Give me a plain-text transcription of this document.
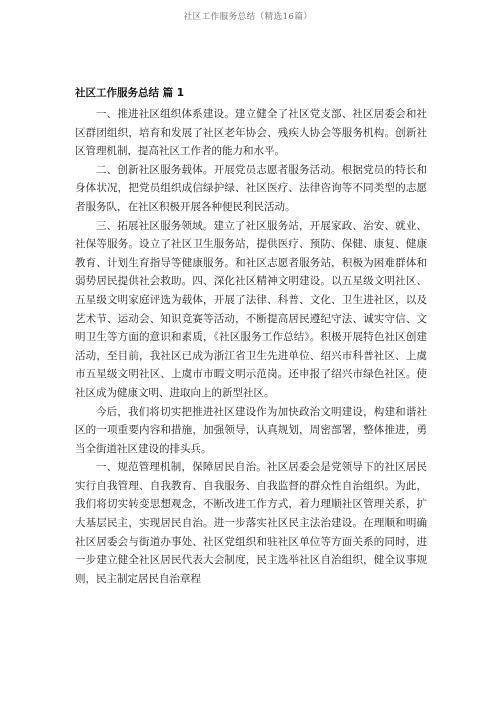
社区工作服务总结（精选16篇）
社区工作服务总结 篇 1

一、推进社区组织体系建设。建立健全了社区党支部、社区居委会和社区群团组织，培育和发展了社区老年协会、残疾人协会等服务机构。创新社区管理机制，提高社区工作者的能力和水平。

二、创新社区服务载体。开展党员志愿者服务活动。根据党员的特长和身体状况，把党员组织成信绿护绿、社区医疗、法律咨询等不同类型的志愿者服务队，在社区积极开展各种便民利民活动。

三、拓展社区服务领域。建立了社区服务站，开展家政、治安、就业、社保等服务。设立了社区卫生服务站，提供医疗、预防、保健、康复、健康教育、计划生育指导等健康服务。和社区志愿者服务站，积极为困难群体和弱势居民提供社会救助。四、深化社区精神文明建设。以五星级文明社区、五星级文明家庭评选为载体，开展了法律、科普、文化、卫生进社区，以及艺术节、运动会、知识竞赛等活动，不断提高居民遵纪守法、诚实守信、文明卫生等方面的意识和素质，《社区服务工作总结》。积极开展特色社区创建活动，至目前，我社区已成为浙江省卫生先进单位、绍兴市科普社区、上虞市五星级文明社区、上虞市市暇文明示范岗。还申报了绍兴市绿色社区。使社区成为健康文明、进取向上的新型社区。

今后，我们将切实把推进社区建设作为加快政治文明建设，构建和谐社区的一项重要内容和措施，加强领导，认真规划，周密部署，整体推进，勇当全街道社区建设的排头兵。

一、规范管理机制，保障居民自治。社区居委会是党领导下的社区居民实行自我管理、自我教育、自我服务、自我监督的群众性自治组织。为此，我们将切实转变思想观念，不断改进工作方式，着力理顺社区管理关系，扩大基层民主，实现居民自治。进一步落实社区民主法治建设。在理顺和明确社区居委会与街道办事处、社区党组织和驻社区单位等方面关系的同时，进一步建立健全社区居民代表大会制度，民主选举社区自治组织，健全议事规则，民主制定居民自治章程
